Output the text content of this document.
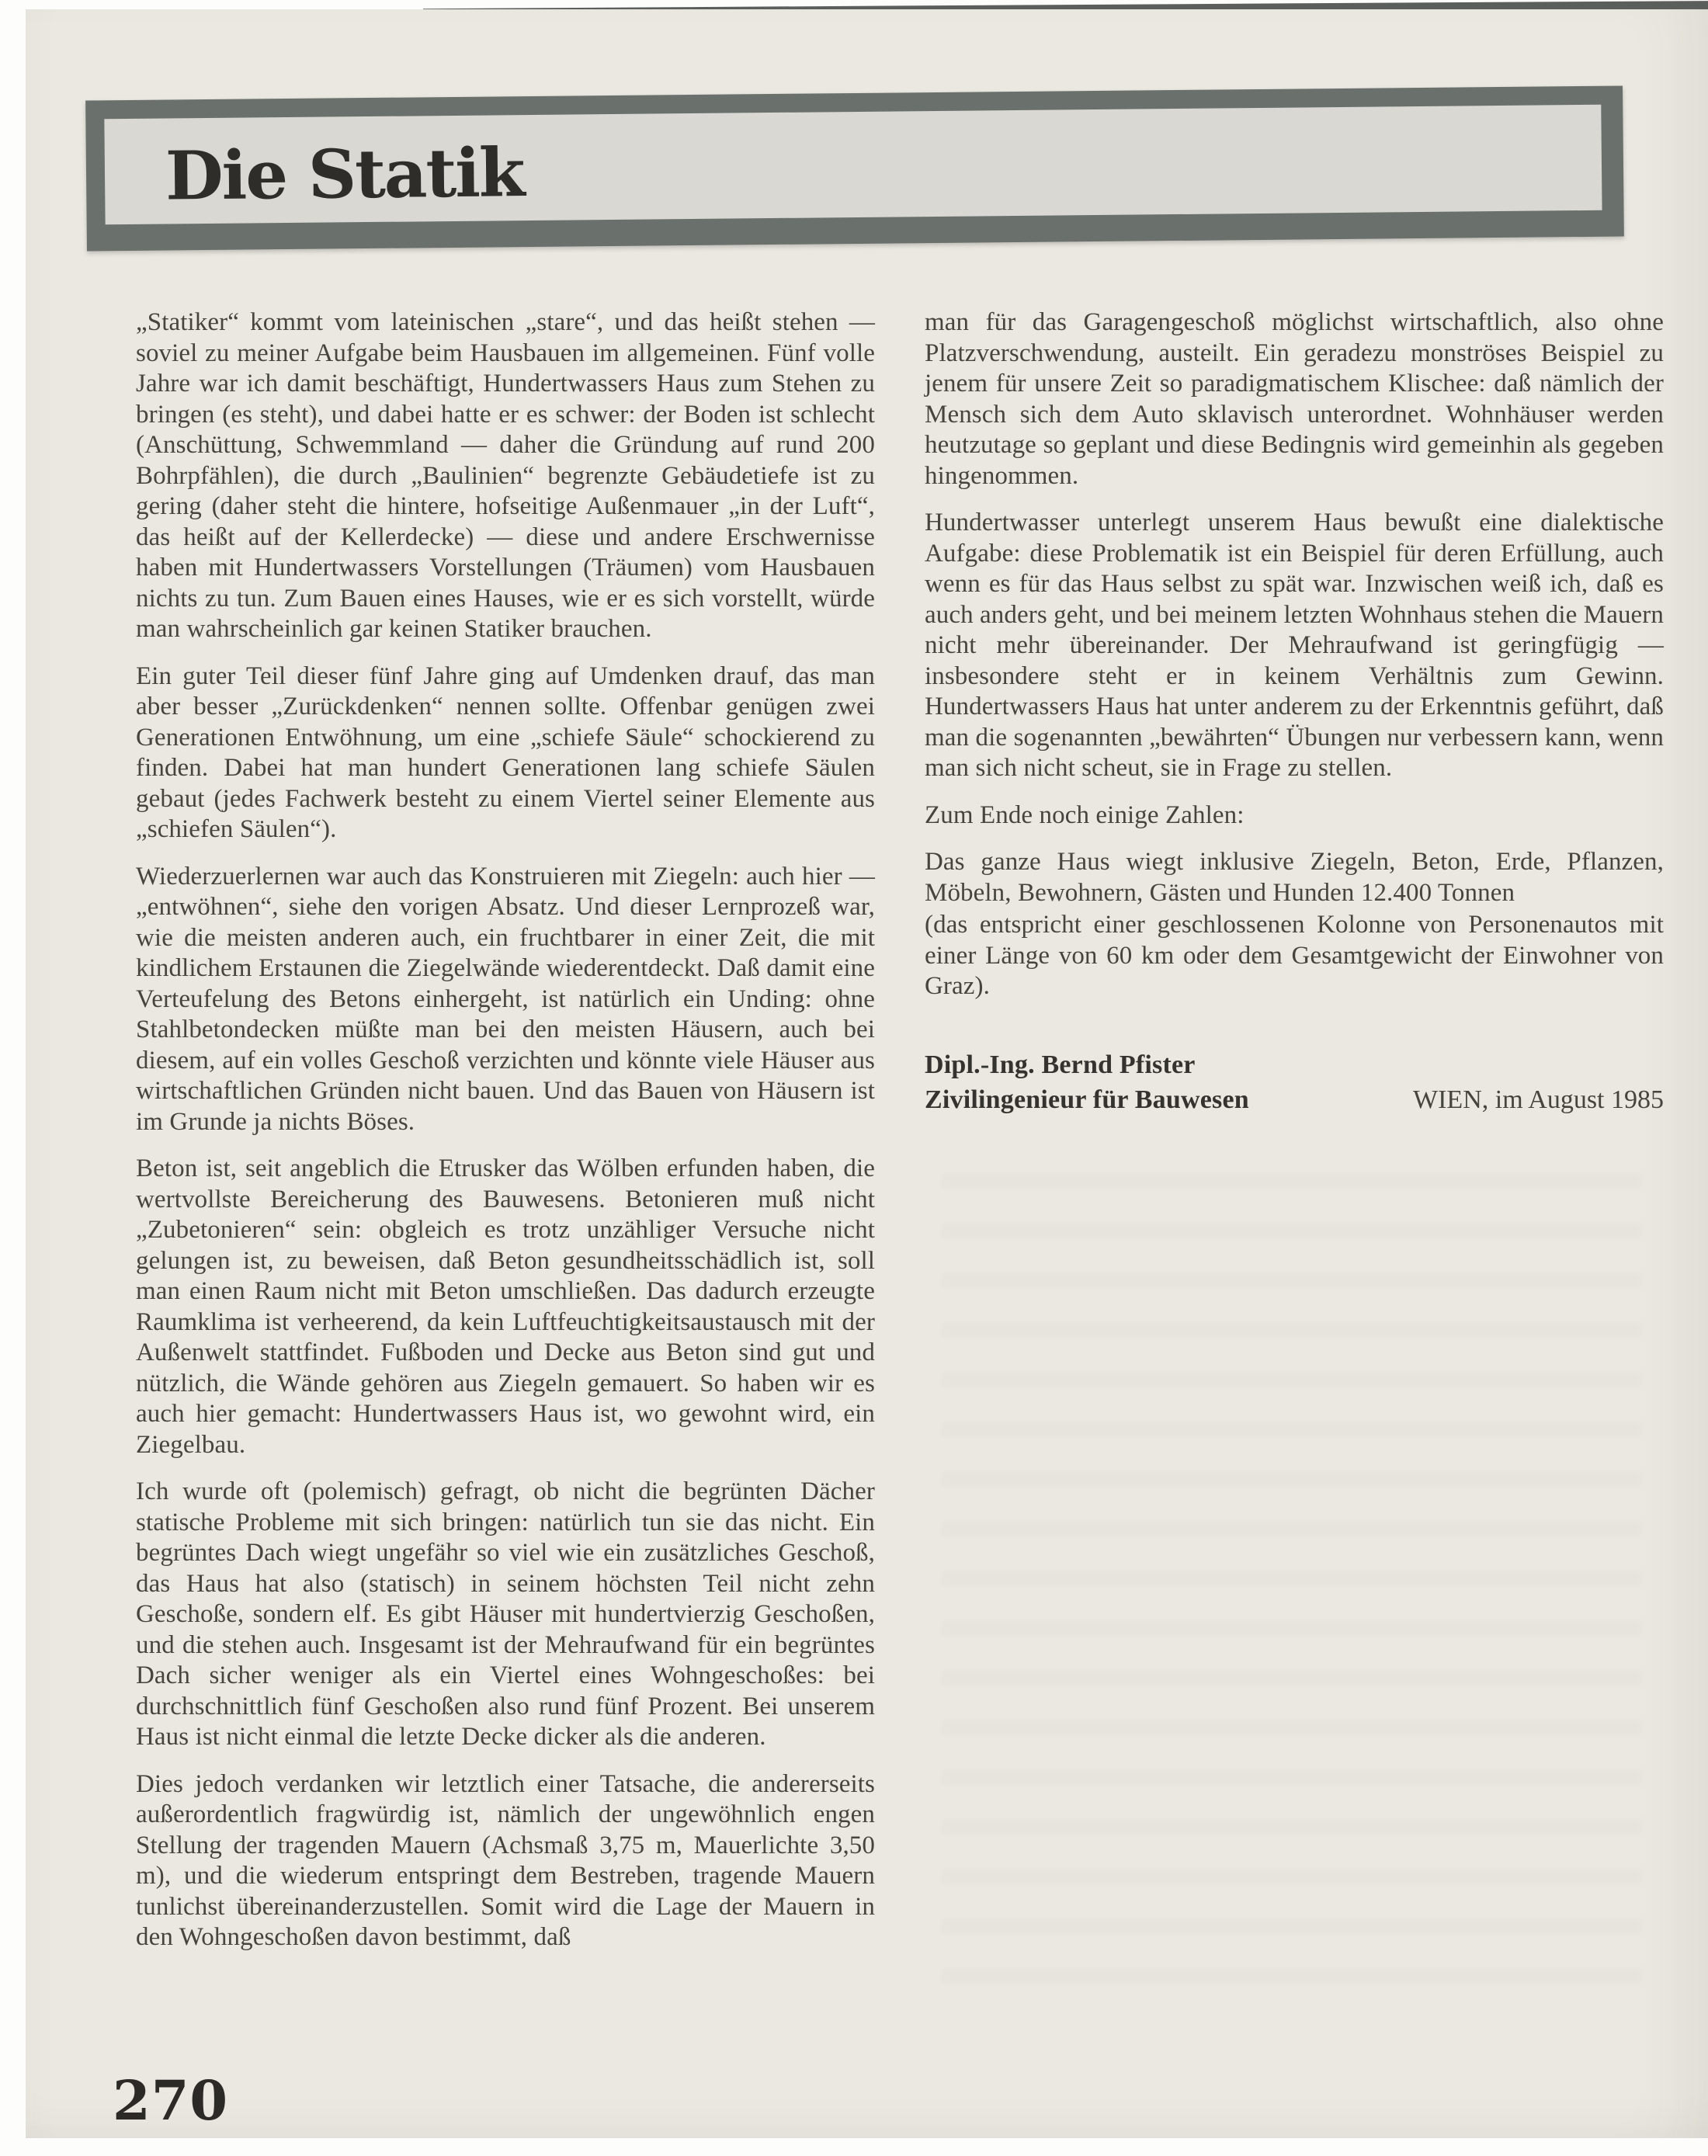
Die Statik

„Statiker“ kommt vom lateinischen „stare“, und das heißt stehen — soviel zu meiner Aufgabe beim Hausbauen im allgemeinen. Fünf volle Jahre war ich damit beschäftigt, Hundertwassers Haus zum Stehen zu bringen (es steht), und dabei hatte er es schwer: der Boden ist schlecht (Anschüttung, Schwemmland — daher die Gründung auf rund 200 Bohrpfählen), die durch „Baulinien“ begrenzte Gebäudetiefe ist zu gering (daher steht die hintere, hofseitige Außenmauer „in der Luft“, das heißt auf der Kellerdecke) — diese und andere Erschwernisse haben mit Hundertwassers Vorstellungen (Träumen) vom Hausbauen nichts zu tun. Zum Bauen eines Hauses, wie er es sich vorstellt, würde man wahrscheinlich gar keinen Statiker brauchen.

Ein guter Teil dieser fünf Jahre ging auf Umdenken drauf, das man aber besser „Zurückdenken“ nennen sollte. Offenbar genügen zwei Generationen Entwöhnung, um eine „schiefe Säule“ schockierend zu finden. Dabei hat man hundert Generationen lang schiefe Säulen gebaut (jedes Fachwerk besteht zu einem Viertel seiner Elemente aus „schiefen Säulen“).

Wiederzuerlernen war auch das Konstruieren mit Ziegeln: auch hier — „entwöhnen“, siehe den vorigen Absatz. Und dieser Lernprozeß war, wie die meisten anderen auch, ein fruchtbarer in einer Zeit, die mit kindlichem Erstaunen die Ziegelwände wiederentdeckt. Daß damit eine Verteufelung des Betons einhergeht, ist natürlich ein Unding: ohne Stahlbetondecken müßte man bei den meisten Häusern, auch bei diesem, auf ein volles Geschoß verzichten und könnte viele Häuser aus wirtschaftlichen Gründen nicht bauen. Und das Bauen von Häusern ist im Grunde ja nichts Böses.

Beton ist, seit angeblich die Etrusker das Wölben erfunden haben, die wertvollste Bereicherung des Bauwesens. Betonieren muß nicht „Zubetonieren“ sein: obgleich es trotz unzähliger Versuche nicht gelungen ist, zu beweisen, daß Beton gesundheitsschädlich ist, soll man einen Raum nicht mit Beton umschließen. Das dadurch erzeugte Raumklima ist verheerend, da kein Luftfeuchtigkeitsaustausch mit der Außenwelt stattfindet. Fußboden und Decke aus Beton sind gut und nützlich, die Wände gehören aus Ziegeln gemauert. So haben wir es auch hier gemacht: Hundertwassers Haus ist, wo gewohnt wird, ein Ziegelbau.

Ich wurde oft (polemisch) gefragt, ob nicht die begrünten Dächer statische Probleme mit sich bringen: natürlich tun sie das nicht. Ein begrüntes Dach wiegt ungefähr so viel wie ein zusätzliches Geschoß, das Haus hat also (statisch) in seinem höchsten Teil nicht zehn Geschoße, sondern elf. Es gibt Häuser mit hundertvierzig Geschoßen, und die stehen auch. Insgesamt ist der Mehraufwand für ein begrüntes Dach sicher weniger als ein Viertel eines Wohngeschoßes: bei durchschnittlich fünf Geschoßen also rund fünf Prozent. Bei unserem Haus ist nicht einmal die letzte Decke dicker als die anderen.

Dies jedoch verdanken wir letztlich einer Tatsache, die andererseits außerordentlich fragwürdig ist, nämlich der ungewöhnlich engen Stellung der tragenden Mauern (Achsmaß 3,75 m, Mauerlichte 3,50 m), und die wiederum entspringt dem Bestreben, tragende Mauern tunlichst übereinanderzustellen. Somit wird die Lage der Mauern in den Wohngeschoßen davon bestimmt, daß

man für das Garagengeschoß möglichst wirtschaftlich, also ohne Platzverschwendung, austeilt. Ein geradezu monströses Beispiel zu jenem für unsere Zeit so paradigmatischem Klischee: daß nämlich der Mensch sich dem Auto sklavisch unterordnet. Wohnhäuser werden heutzutage so geplant und diese Bedingnis wird gemeinhin als gegeben hingenommen.

Hundertwasser unterlegt unserem Haus bewußt eine dialektische Aufgabe: diese Problematik ist ein Beispiel für deren Erfüllung, auch wenn es für das Haus selbst zu spät war. Inzwischen weiß ich, daß es auch anders geht, und bei meinem letzten Wohnhaus stehen die Mauern nicht mehr übereinander. Der Mehraufwand ist geringfügig — insbesondere steht er in keinem Verhältnis zum Gewinn. Hundertwassers Haus hat unter anderem zu der Erkenntnis geführt, daß man die sogenannten „bewährten“ Übungen nur verbessern kann, wenn man sich nicht scheut, sie in Frage zu stellen.

Zum Ende noch einige Zahlen:

Das ganze Haus wiegt inklusive Ziegeln, Beton, Erde, Pflanzen, Möbeln, Bewohnern, Gästen und Hunden 12.400 Tonnen

(das entspricht einer geschlossenen Kolonne von Personenautos mit einer Länge von 60 km oder dem Gesamtgewicht der Einwohner von Graz).

Dipl.-Ing. Bernd Pfister
Zivilingenieur für Bauwesen	WIEN, im August 1985
270
